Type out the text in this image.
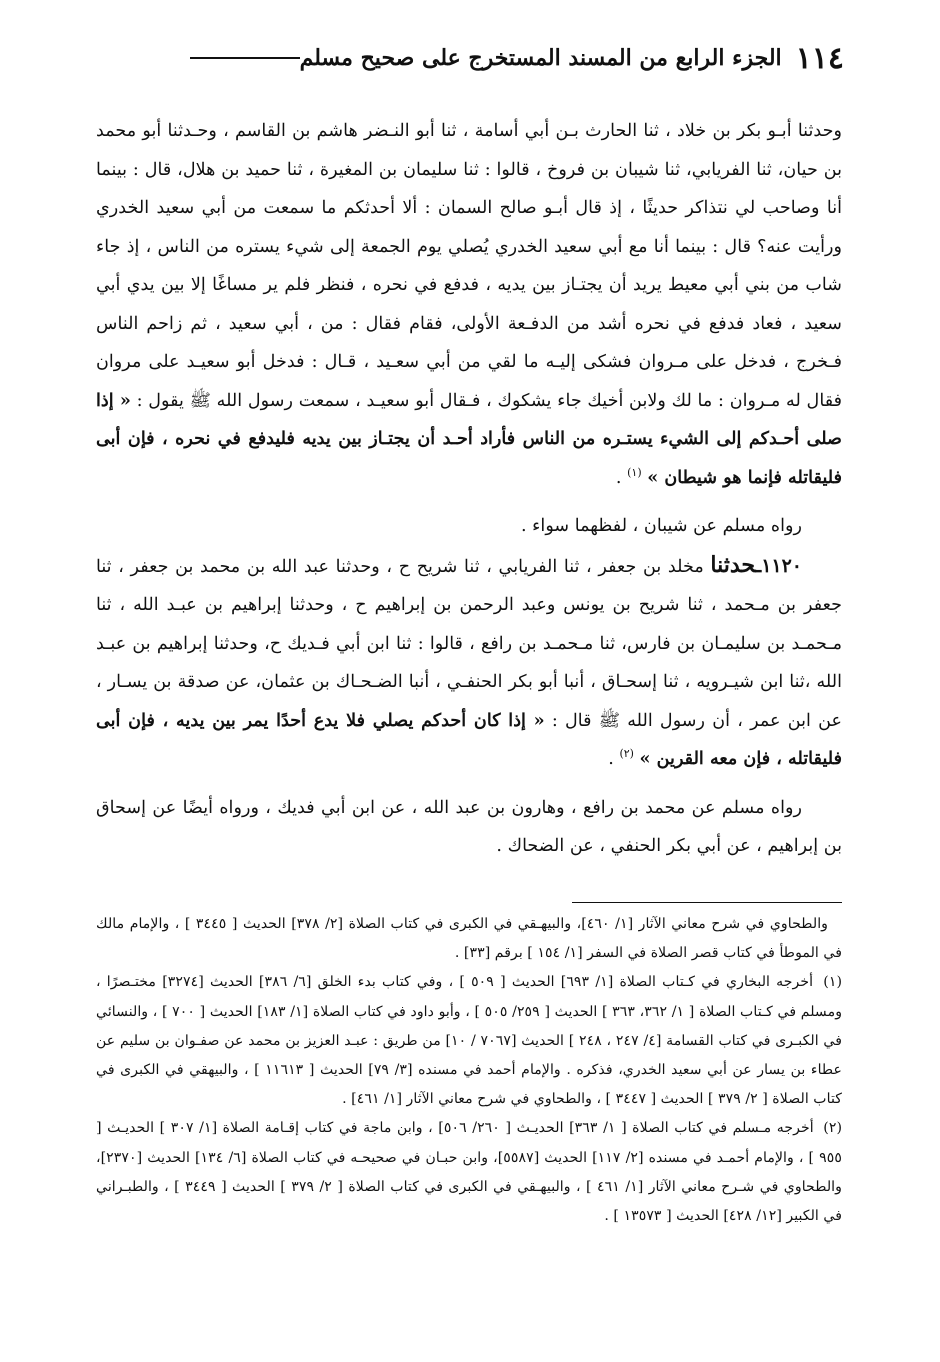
١١٤
الجزء الرابع من المسند المستخرج على صحيح مسلم

وحدثنا أبـو بكر بن خلاد ، ثنا الحارث بـن أبي أسامة ، ثنا أبو النـضر هاشم بن القاسم ، وحـدثنا أبو محمد بن حيان، ثنا الفريابي، ثنا شيبان بن فروخ ، قالوا : ثنا سليمان بن المغيرة ، ثنا حميد بن هلال، قال : بينما أنا وصاحب لي نتذاكر حديثًا ، إذ قال أبـو صالح السمان : ألا أحدثكم ما سمعت من أبي سعيد الخدري ورأيت عنه؟ قال : بينما أنا مع أبي سعيد الخدري يُصلي يوم الجمعة إلى شيء يستره من الناس ، إذ جاء شاب من بني أبي معيط يريد أن يجتـاز بين يديه ، فدفع في نحره ، فنظر فلم ير مساغًا إلا بين يدي أبي سعيد ، فعاد فدفع في نحره أشد من الدفـعة الأولى، فقام فقال : من ، أبي سعيد ، ثم زاحم الناس فـخرج ، فدخل على مـروان فشكى إليـه ما لقي من أبي سعـيد ، قـال : فدخل أبو سعيـد على مروان فقال له مـروان : ما لك ولابن أخيك جاء يشكوك ، فـقال أبو سعيـد ، سمعت رسول الله ﷺ يقول : « إذا صلى أحـدكم إلى الشيء يستـره من الناس فأراد أحـد أن يجتـاز بين يديه فليدفع في نحره ، فإن أبى فليقاتله فإنما هو شيطان » $^{(١)}$ .

رواه مسلم عن شيبان ، لفظهما سواء .

١١٢٠ـحدثنا مخلد بن جعفر ، ثنا الفريابي ، ثنا شريح ح ، وحدثنا عبد الله بن محمد بن جعفر ، ثنا جعفر بن مـحمد ، ثنا شريح بن يونس وعبد الرحمن بن إبراهيم ح ، وحدثنا إبراهيم بن عبـد الله ، ثنا مـحمـد بن سليمـان بن فارس، ثنا مـحمـد بن رافع ، قالوا : ثنا ابن أبي فـديك ح، وحدثنا إبراهيم بن عبـد الله ،ثنا ابن شيـرويه ، ثنا إسحـاق ، أنبا أبو بكر الحنفـي ، أنبا الضـحـاك بن عثمان، عن صدقة بن يسـار ، عن ابن عمر ، أن رسول الله ﷺ قال : « إذا كان أحدكم يصلي فلا يدع أحدًا يمر بين يديه ، فإن أبى فليقاتله ، فإن معه القرين » $^{(٢)}$ .

رواه مسلم عن محمد بن رافع ، وهارون بن عبد الله ، عن ابن أبي فديك ، ورواه أيضًا عن إسحاق بن إبراهيم ، عن أبي بكر الحنفي ، عن الضحاك .

والطحاوي في شرح معاني الآثار [١/ ٤٦٠]، والبيهـقي في الكبرى في كتاب الصلاة [٢/ ٣٧٨] الحديث [ ٣٤٤٥ ] ، والإمام مالك في الموطأ في كتاب قصر الصلاة في السفر [١/ ١٥٤ ] برقم [٣٣] .

(١) أخرجه البخاري في كـتاب الصلاة [١/ ٦٩٣] الحديث [ ٥٠٩ ] ، وفي كتاب بدء الخلق [٦/ ٣٨٦] الحديث [٣٢٧٤] مختـصرًا ، ومسلم في كـتاب الصلاة [ ١/ ٣٦٢، ٣٦٣ ] الحديث [ ٢٥٩/ ٥٠٥ ] ، وأبو داود في كتاب الصلاة [١/ ١٨٣] الحديث [ ٧٠٠ ] ، والنسائي في الكبـرى في كتاب القسامة [٤/ ٢٤٧ ، ٢٤٨ ] الحديث [٧٠٦٧ / ١٠] من طريق : عبـد العزيز بن محمد عن صفـوان بن سليم عن عطاء بن يسار عن أبي سعيد الخدري، فذكره . والإمام أحمد في مسنده [٣/ ٧٩] الحديث [ ١١٦١٣ ] ، والبيهقي في الكبرى في كتاب الصلاة [ ٢/ ٣٧٩ ] الحديث [ ٣٤٤٧ ] ، والطحاوي في شرح معاني الآثار [١/ ٤٦١] .

(٢) أخرجه مـسلم في كتاب الصلاة [ ١/ ٣٦٣] الحديـث [ ٢٦٠/ ٥٠٦] ، وابن ماجة في كتاب إقـامة الصلاة [١/ ٣٠٧ ] الحديـث [ ٩٥٥ ] ، والإمام أحمـد في مسنده [٢/ ١١٧] الحديث [٥٥٨٧]، وابن حبـان في صحيحـه في كتاب الصلاة [٦/ ١٣٤] الحديث [٢٣٧٠]، والطحاوي في شـرح معاني الآثار [١/ ٤٦١ ] ، والبيهـقي في الكبرى في كتاب الصلاة [ ٢/ ٣٧٩ ] الحديث [ ٣٤٤٩ ] ، والطبـراني في الكبير [١٢/ ٤٢٨] الحديث [ ١٣٥٧٣ ] .
